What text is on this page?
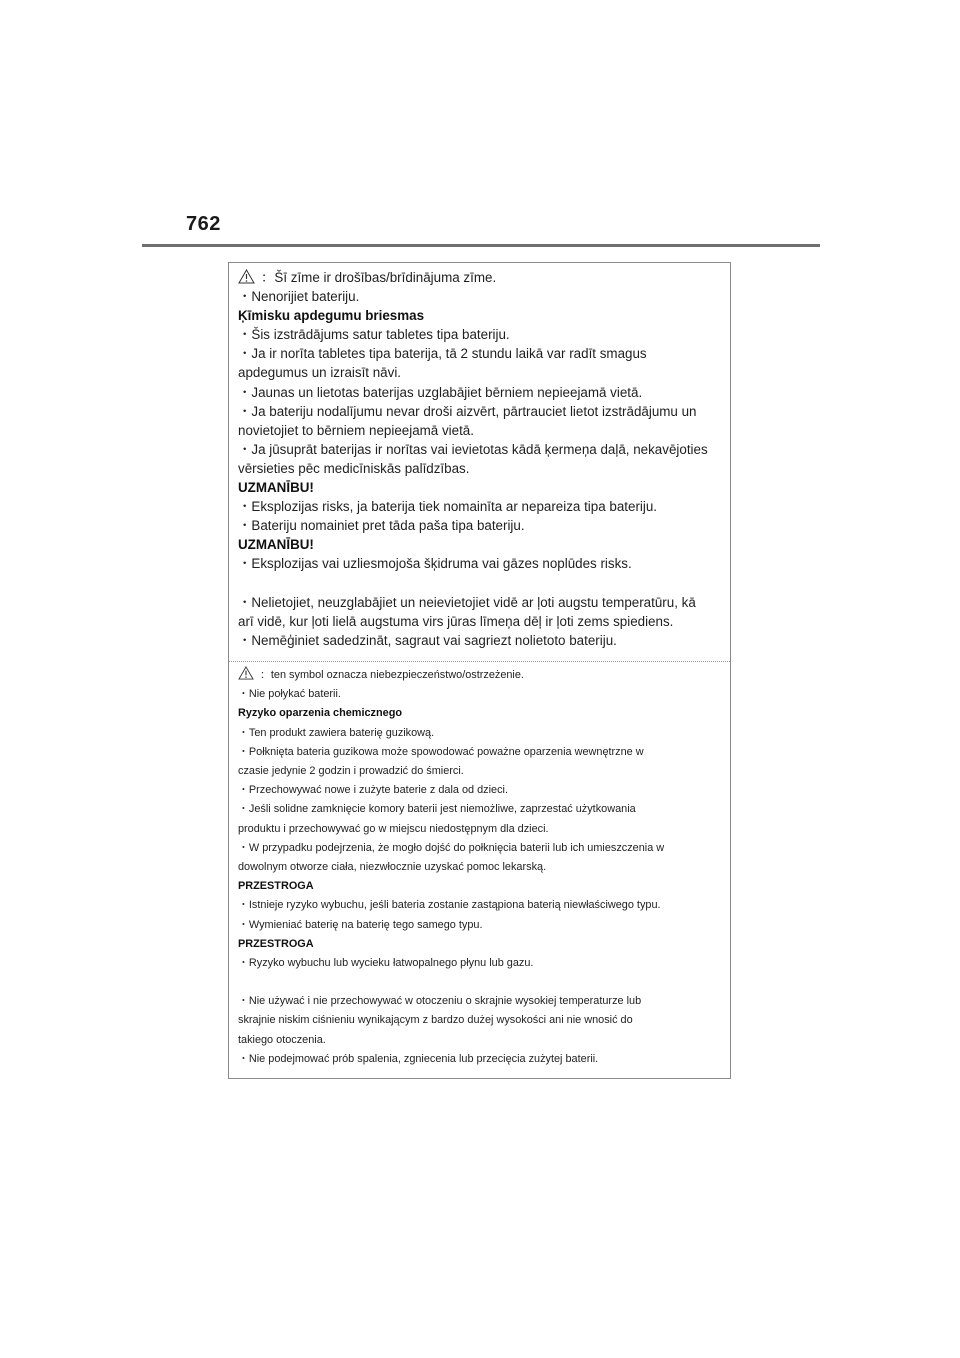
762
：Šī zīme ir drošības/brīdinājuma zīme.
・Nenorijiet bateriju.
Ķīmisku apdegumu briesmas
・Šis izstrādājums satur tabletes tipa bateriju.
・Ja ir norīta tabletes tipa baterija, tā 2 stundu laikā var radīt smagus
apdegumus un izraisīt nāvi.
・Jaunas un lietotas baterijas uzglabājiet bērniem nepieejamā vietā.
・Ja bateriju nodalījumu nevar droši aizvērt, pārtrauciet lietot izstrādājumu un
novietojiet to bērniem nepieejamā vietā.
・Ja jūsuprāt baterijas ir norītas vai ievietotas kādā ķermeņa daļā, nekavējoties
vērsieties pēc medicīniskās palīdzības.
UZMANĪBU!
・Eksplozijas risks, ja baterija tiek nomainīta ar nepareiza tipa bateriju.
・Bateriju nomainiet pret tāda paša tipa bateriju.
UZMANĪBU!
・Eksplozijas vai uzliesmojoša šķidruma vai gāzes noplūdes risks.
・Nelietojiet, neuzglabājiet un neievietojiet vidē ar ļoti augstu temperatūru, kā
arī vidē, kur ļoti lielā augstuma virs jūras līmeņa dēļ ir ļoti zems spiediens.
・Nemēģiniet sadedzināt, sagraut vai sagriezt nolietoto bateriju.
：ten symbol oznacza niebezpieczeństwo/ostrzeżenie.
・Nie połykać baterii.
Ryzyko oparzenia chemicznego
・Ten produkt zawiera baterię guzikową.
・Połknięta bateria guzikowa może spowodować poważne oparzenia wewnętrzne w
czasie jedynie 2 godzin i prowadzić do śmierci.
・Przechowywać nowe i zużyte baterie z dala od dzieci.
・Jeśli solidne zamknięcie komory baterii jest niemożliwe, zaprzestać użytkowania
produktu i przechowywać go w miejscu niedostępnym dla dzieci.
・W przypadku podejrzenia, że mogło dojść do połknięcia baterii lub ich umieszczenia w
dowolnym otworze ciała, niezwłocznie uzyskać pomoc lekarską.
PRZESTROGA
・Istnieje ryzyko wybuchu, jeśli bateria zostanie zastąpiona baterią niewłaściwego typu.
・Wymieniać baterię na baterię tego samego typu.
PRZESTROGA
・Ryzyko wybuchu lub wycieku łatwopalnego płynu lub gazu.
・Nie używać i nie przechowywać w otoczeniu o skrajnie wysokiej temperaturze lub
skrajnie niskim ciśnieniu wynikającym z bardzo dużej wysokości ani nie wnosić do
takiego otoczenia.
・Nie podejmować prób spalenia, zgniecenia lub przecięcia zużytej baterii.
